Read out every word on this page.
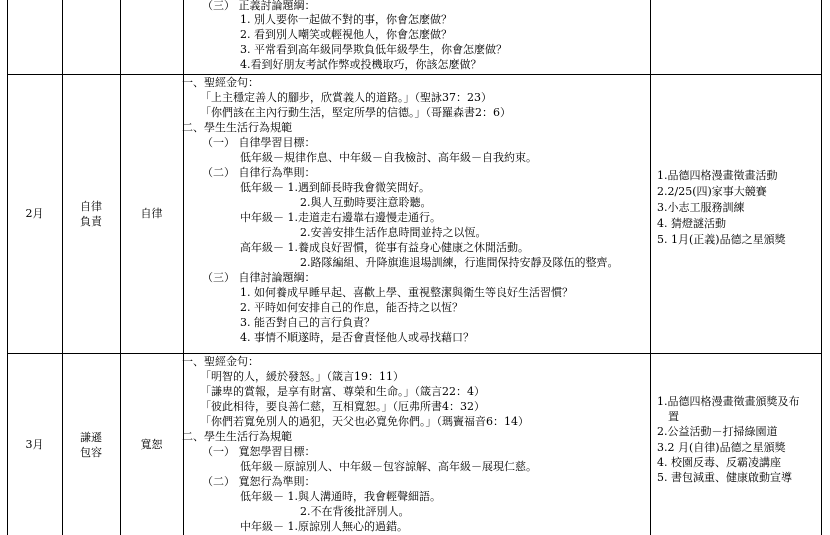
（三） 正義討論題綱：
1. 別人要你一起做不對的事，你會怎麼做？
2. 看到別人嘲笑或輕視他人，你會怎麼做？
3. 平常看到高年級同學欺負低年級學生，你會怎麼做？
4.看到好朋友考試作弊或投機取巧，你該怎麼做？
2月
自律
負責
自律
一、聖經金句：
「上主穩定善人的腳步，欣賞義人的道路。」（聖詠37：23）
「你們該在主內行動生活，堅定所學的信德。」（哥羅森書2：6）
二、學生生活行為規範
（一） 自律學習目標：
低年級－規律作息、中年級－自我檢討、高年級－自我約束。
（二） 自律行為準則：
低年級－ 1.遇到師長時我會微笑問好。
2.與人互動時要注意聆聽。
中年級－ 1.走道走右邊靠右邊慢走通行。
2.安善安排生活作息時間並持之以恆。
高年級－ 1.養成良好習慣，從事有益身心健康之休閒活動。
2.路隊編組、升降旗進退場訓練，行進間保持安靜及隊伍的整齊。
（三） 自律討論題綱：
1. 如何養成早睡早起、喜歡上學、重視整潔與衛生等良好生活習慣？
2. 平時如何安排自己的作息，能否持之以恆？
3. 能否對自己的言行負責？
4. 事情不順遂時，是否會責怪他人或尋找藉口？
1.品德四格漫畫徵畫活動
2.2/25(四)家事大競賽
3.小志工服務訓練
4. 猜燈謎活動
5. 1月(正義)品德之星頒獎
3月
謙遜
包容
寬恕
一、聖經金句：
「明智的人，緩於發怒。」（箴言19：11）
「謙卑的賞報，是享有財富、尊榮和生命。」（箴言22：4）
「彼此相待，要良善仁慈，互相寬恕。」（厄弗所書4：32）
「你們若寬免別人的過犯，天父也必寬免你們。」（瑪竇福音6：14）
二、學生生活行為規範
（一） 寬恕學習目標：
低年級－原諒別人、中年級－包容諒解、高年級－展現仁慈。
（二） 寬恕行為準則：
低年級－ 1.與人溝通時，我會輕聲細語。
2.不在背後批評別人。
中年級－ 1.原諒別人無心的過錯。
1.品德四格漫畫徵畫頒獎及布
　置
2.公益活動－打掃綠園道
3.2 月(自律)品德之星頒獎
4. 校園反毒、反霸凌講座
5. 書包減重、健康啟動宣導
